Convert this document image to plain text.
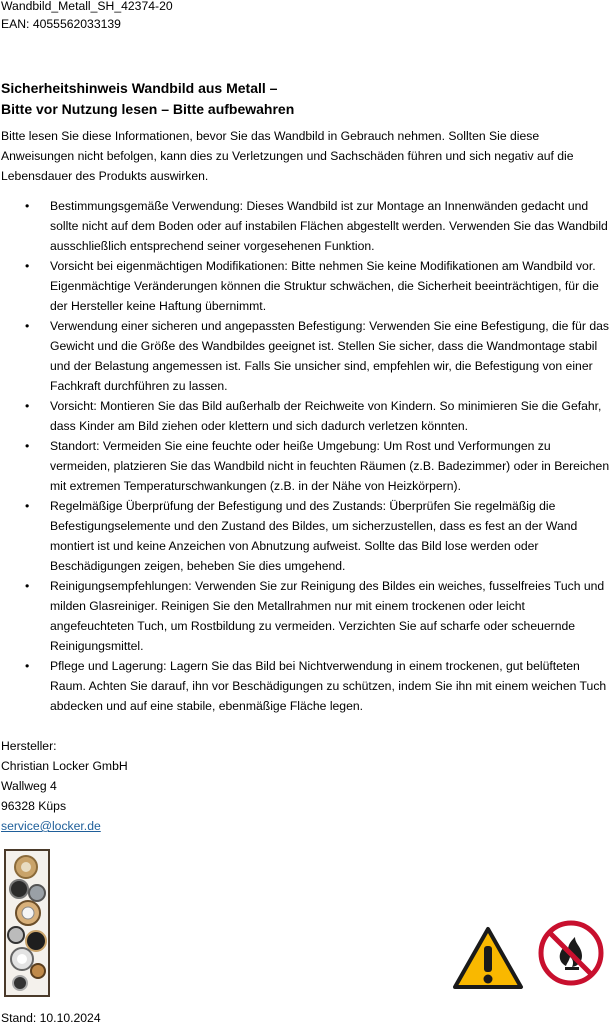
Wandbild_Metall_SH_42374-20
EAN: 4055562033139
Sicherheitshinweis Wandbild aus Metall –
Bitte vor Nutzung lesen – Bitte aufbewahren
Bitte lesen Sie diese Informationen, bevor Sie das Wandbild in Gebrauch nehmen. Sollten Sie diese Anweisungen nicht befolgen, kann dies zu Verletzungen und Sachschäden führen und sich negativ auf die Lebensdauer des Produkts auswirken.
• Bestimmungsgemäße Verwendung: Dieses Wandbild ist zur Montage an Innenwänden gedacht und sollte nicht auf dem Boden oder auf instabilen Flächen abgestellt werden. Verwenden Sie das Wandbild ausschließlich entsprechend seiner vorgesehenen Funktion.
• Vorsicht bei eigenmächtigen Modifikationen: Bitte nehmen Sie keine Modifikationen am Wandbild vor. Eigenmächtige Veränderungen können die Struktur schwächen, die Sicherheit beeinträchtigen, für die der Hersteller keine Haftung übernimmt.
• Verwendung einer sicheren und angepassten Befestigung: Verwenden Sie eine Befestigung, die für das Gewicht und die Größe des Wandbildes geeignet ist. Stellen Sie sicher, dass die Wandmontage stabil und der Belastung angemessen ist. Falls Sie unsicher sind, empfehlen wir, die Befestigung von einer Fachkraft durchführen zu lassen.
• Vorsicht: Montieren Sie das Bild außerhalb der Reichweite von Kindern. So minimieren Sie die Gefahr, dass Kinder am Bild ziehen oder klettern und sich dadurch verletzen könnten.
• Standort: Vermeiden Sie eine feuchte oder heiße Umgebung: Um Rost und Verformungen zu vermeiden, platzieren Sie das Wandbild nicht in feuchten Räumen (z.B. Badezimmer) oder in Bereichen mit extremen Temperaturschwankungen (z.B. in der Nähe von Heizkörpern).
• Regelmäßige Überprüfung der Befestigung und des Zustands: Überprüfen Sie regelmäßig die Befestigungselemente und den Zustand des Bildes, um sicherzustellen, dass es fest an der Wand montiert ist und keine Anzeichen von Abnutzung aufweist. Sollte das Bild lose werden oder Beschädigungen zeigen, beheben Sie dies umgehend.
• Reinigungsempfehlungen: Verwenden Sie zur Reinigung des Bildes ein weiches, fusselfreies Tuch und milden Glasreiniger. Reinigen Sie den Metallrahmen nur mit einem trockenen oder leicht angefeuchteten Tuch, um Rostbildung zu vermeiden. Verzichten Sie auf scharfe oder scheuernde Reinigungsmittel.
• Pflege und Lagerung: Lagern Sie das Bild bei Nichtverwendung in einem trockenen, gut belüfteten Raum. Achten Sie darauf, ihn vor Beschädigungen zu schützen, indem Sie ihn mit einem weichen Tuch abdecken und auf eine stabile, ebenmäßige Fläche legen.
Hersteller:
Christian Locker GmbH
Wallweg 4
96328 Küps
service@locker.de
Stand: 10.10.2024
